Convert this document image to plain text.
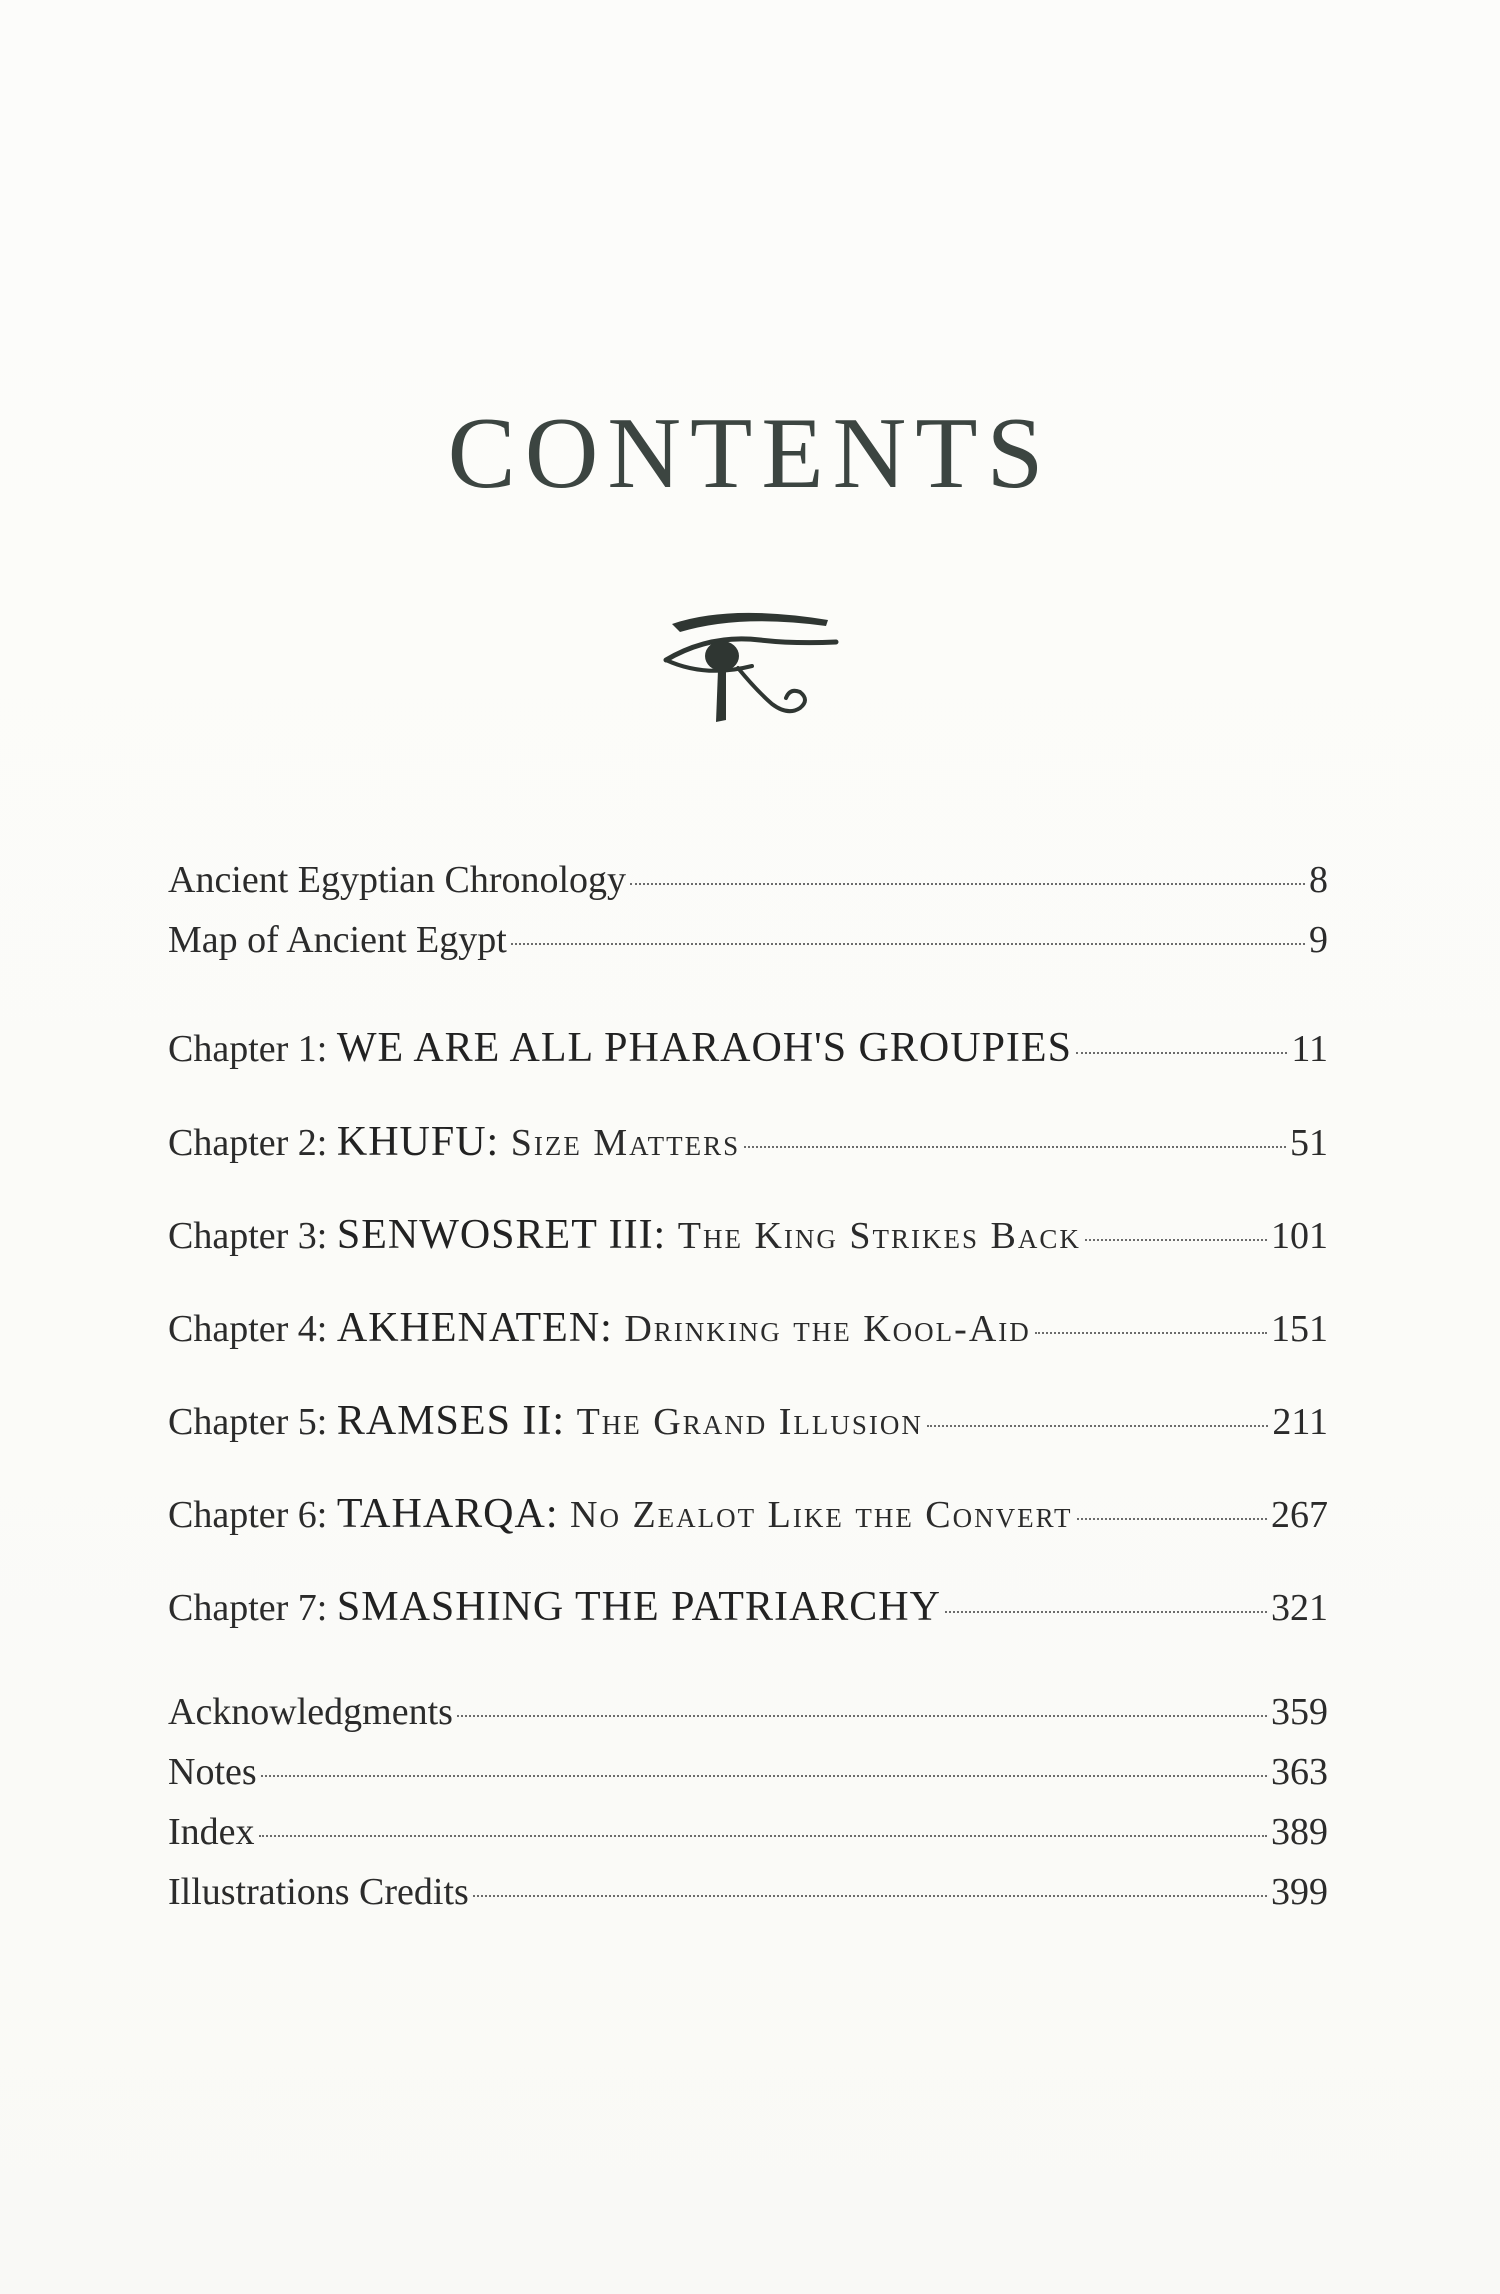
CONTENTS
Ancient Egyptian Chronology	8
Map of Ancient Egypt	9
Chapter 1: WE ARE ALL PHARAOH'S GROUPIES	11
Chapter 2: KHUFU: Size Matters	51
Chapter 3: SENWOSRET III: The King Strikes Back	101
Chapter 4: AKHENATEN: Drinking the Kool-Aid	151
Chapter 5: RAMSES II: The Grand Illusion	211
Chapter 6: TAHARQA: No Zealot Like the Convert	267
Chapter 7: SMASHING THE PATRIARCHY	321
Acknowledgments	359
Notes	363
Index	389
Illustrations Credits	399
